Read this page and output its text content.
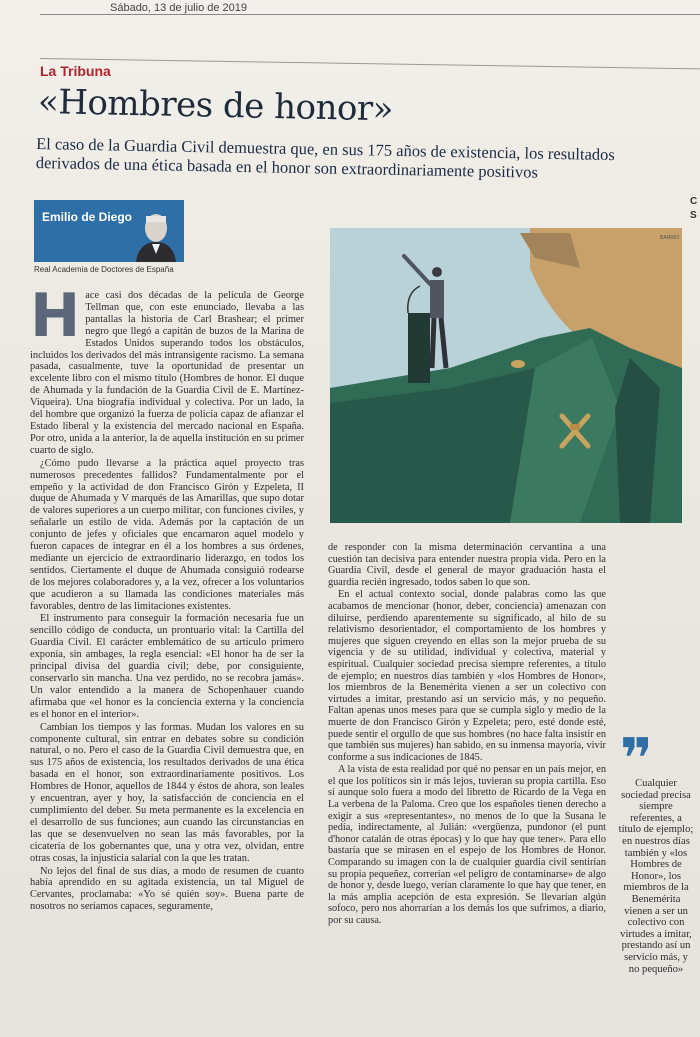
Sábado, 13 de julio de 2019
La Tribuna
«Hombres de honor»
El caso de la Guardia Civil demuestra que, en sus 175 años de existencia, los resultados derivados de una ética basada en el honor son extraordinariamente positivos
C S
Emilio de Diego
Real Academia de Doctores de España

Hace casi dos décadas de la película de George Tellman que, con este enunciado, llevaba a las pantallas la historia de Carl Brashear; el primer negro que llegó a capitán de buzos de la Marina de Estados Unidos superando todos los obstáculos, incluidos los derivados del más intransigente racismo. La semana pasada, casualmente, tuve la oportunidad de presentar un excelente libro con el mismo título (Hombres de honor. El duque de Ahumada y la fundación de la Guardia Civil de E. Martínez-Viqueira). Una biografía individual y colectiva. Por un lado, la del hombre que organizó la fuerza de policía capaz de afianzar el Estado liberal y la existencia del mercado nacional en España. Por otro, unida a la anterior, la de aquella institución en su primer cuarto de siglo.

¿Cómo pudo llevarse a la práctica aquel proyecto tras numerosos precedentes fallidos? Fundamentalmente por el empeño y la actividad de don Francisco Girón y Ezpeleta, II duque de Ahumada y V marqués de las Amarillas, que supo dotar de valores superiores a un cuerpo militar, con funciones civiles, y señalarle un estilo de vida. Además por la captación de un conjunto de jefes y oficiales que encarnaron aquel modelo y fueron capaces de integrar en él a los hombres a sus órdenes, mediante un ejercicio de extraordinario liderazgo, en todos los sentidos. Ciertamente el duque de Ahumada consiguió rodearse de los mejores colaboradores y, a la vez, ofrecer a los voluntarios que acudieron a su llamada las condiciones materiales más favorables, dentro de las limitaciones existentes.

El instrumento para conseguir la formación necesaria fue un sencillo código de conducta, un prontuario vital: la Cartilla del Guardia Civil. El carácter emblemático de su artículo primero exponía, sin ambages, la regla esencial: «El honor ha de ser la principal divisa del guardia civil; debe, por consiguiente, conservarlo sin mancha. Una vez perdido, no se recobra jamás». Un valor entendido a la manera de Schopenhauer cuando afirmaba que «el honor es la conciencia externa y la conciencia es el honor en el interior».

Cambian los tiempos y las formas. Mudan los valores en su componente cultural, sin entrar en debates sobre su condición natural, o no. Pero el caso de la Guardia Civil demuestra que, en sus 175 años de existencia, los resultados derivados de una ética basada en el honor, son extraordinariamente positivos. Los Hombres de Honor, aquellos de 1844 y éstos de ahora, son leales y encuentran, ayer y hoy, la satisfacción de conciencia en el cumplimiento del deber. Su meta permanente es la excelencia en el desarrollo de sus funciones; aun cuando las circunstancias en las que se desenvuelven no sean las más favorables, por la cicatería de los gobernantes que, una y otra vez, olvidan, entre otras cosas, la injusticia salarial con la que les tratan.

No lejos del final de sus días, a modo de resumen de cuanto había aprendido en su agitada existencia, un tal Miguel de Cervantes, proclamaba: «Yo sé quién soy». Buena parte de nosotros no seríamos capaces, seguramente,

BARRIO

de responder con la misma determinación cervantina a una cuestión tan decisiva para entender nuestra propia vida. Pero en la Guardia Civil, desde el general de mayor graduación hasta el guardia recién ingresado, todos saben lo que son.

En el actual contexto social, donde palabras como las que acabamos de mencionar (honor, deber, conciencia) amenazan con diluirse, perdiendo aparentemente su significado, al hilo de su relativismo desorientador, el comportamiento de los hombres y mujeres que siguen creyendo en ellas son la mejor prueba de su vigencia y de su utilidad, individual y colectiva, material y espiritual. Cualquier sociedad precisa siempre referentes, a título de ejemplo; en nuestros días también y «los Hombres de Honor», los miembros de la Benemérita vienen a ser un colectivo con virtudes a imitar, prestando así un servicio más, y no pequeño. Faltan apenas unos meses para que se cumpla siglo y medio de la muerte de don Francisco Girón y Ezpeleta; pero, esté donde esté, puede sentir el orgullo de que sus hombres (no hace falta insistir en que también sus mujeres) han sabido, en su inmensa mayoría, vivir conforme a sus indicaciones de 1845.

A la vista de esta realidad por qué no pensar en un país mejor, en el que los políticos sin ir más lejos, tuvieran su propia cartilla. Eso sí aunque solo fuera a modo del libretto de Ricardo de la Vega en La verbena de la Paloma. Creo que los españoles tienen derecho a exigir a sus «representantes», no menos de lo que la Susana le pedía, indirectamente, al Julián: «vergüenza, pundonor (el punt d'honor catalán de otras épocas) y lo que hay que tener». Para ello bastaría que se mirasen en el espejo de los Hombres de Honor. Comparando su imagen con la de cualquier guardia civil sentirían su propia pequeñez, correrían «el peligro de contaminarse» de algo de honor y, desde luego, verían claramente lo que hay que tener, en la más amplia acepción de esta expresión. Se llevarían algún sofoco, pero nos ahorrarían a los demás los que sufrimos, a diario, por su causa.

❞
Cualquier sociedad precisa siempre referentes, a título de ejemplo; en nuestros días también y «los Hombres de Honor», los miembros de la Benemérita vienen a ser un colectivo con virtudes a imitar, prestando así un servicio más, y no pequeño»
